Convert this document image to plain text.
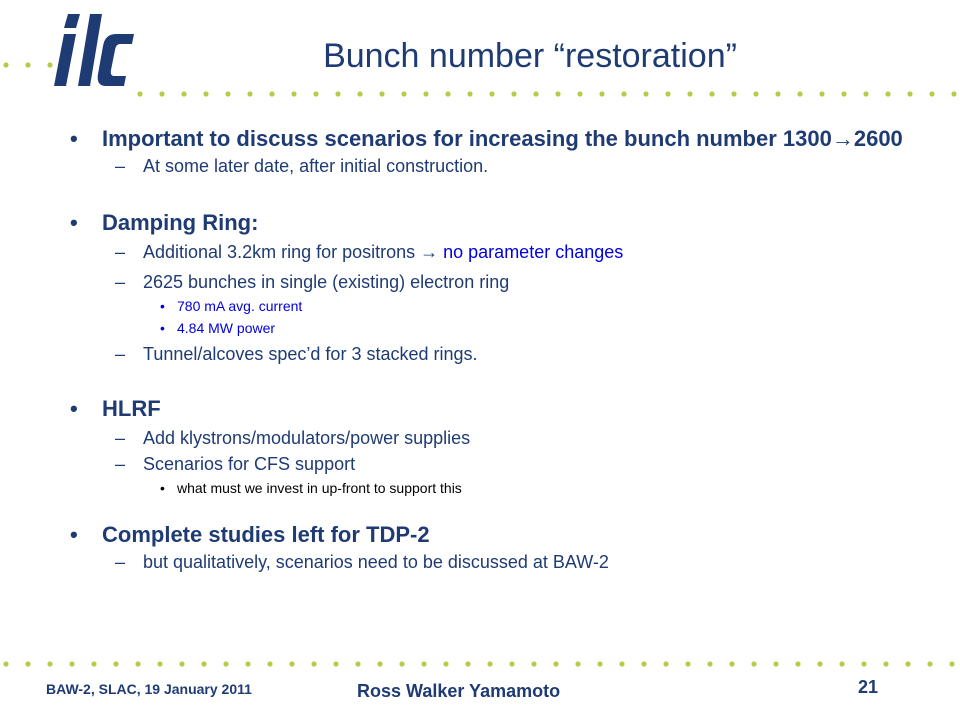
ilc
Bunch number “restoration”
• Important to discuss scenarios for increasing the bunch number 1300→2600
– At some later date, after initial construction.
• Damping Ring:
– Additional 3.2km ring for positrons → no parameter changes
– 2625 bunches in single (existing) electron ring
• 780 mA avg. current
• 4.84 MW power
– Tunnel/alcoves spec’d for 3 stacked rings.
• HLRF
– Add klystrons/modulators/power supplies
– Scenarios for CFS support
• what must we invest in up-front to support this
• Complete studies left for TDP-2
– but qualitatively, scenarios need to be discussed at BAW-2
BAW-2, SLAC, 19 January 2011	Ross Walker Yamamoto	21
